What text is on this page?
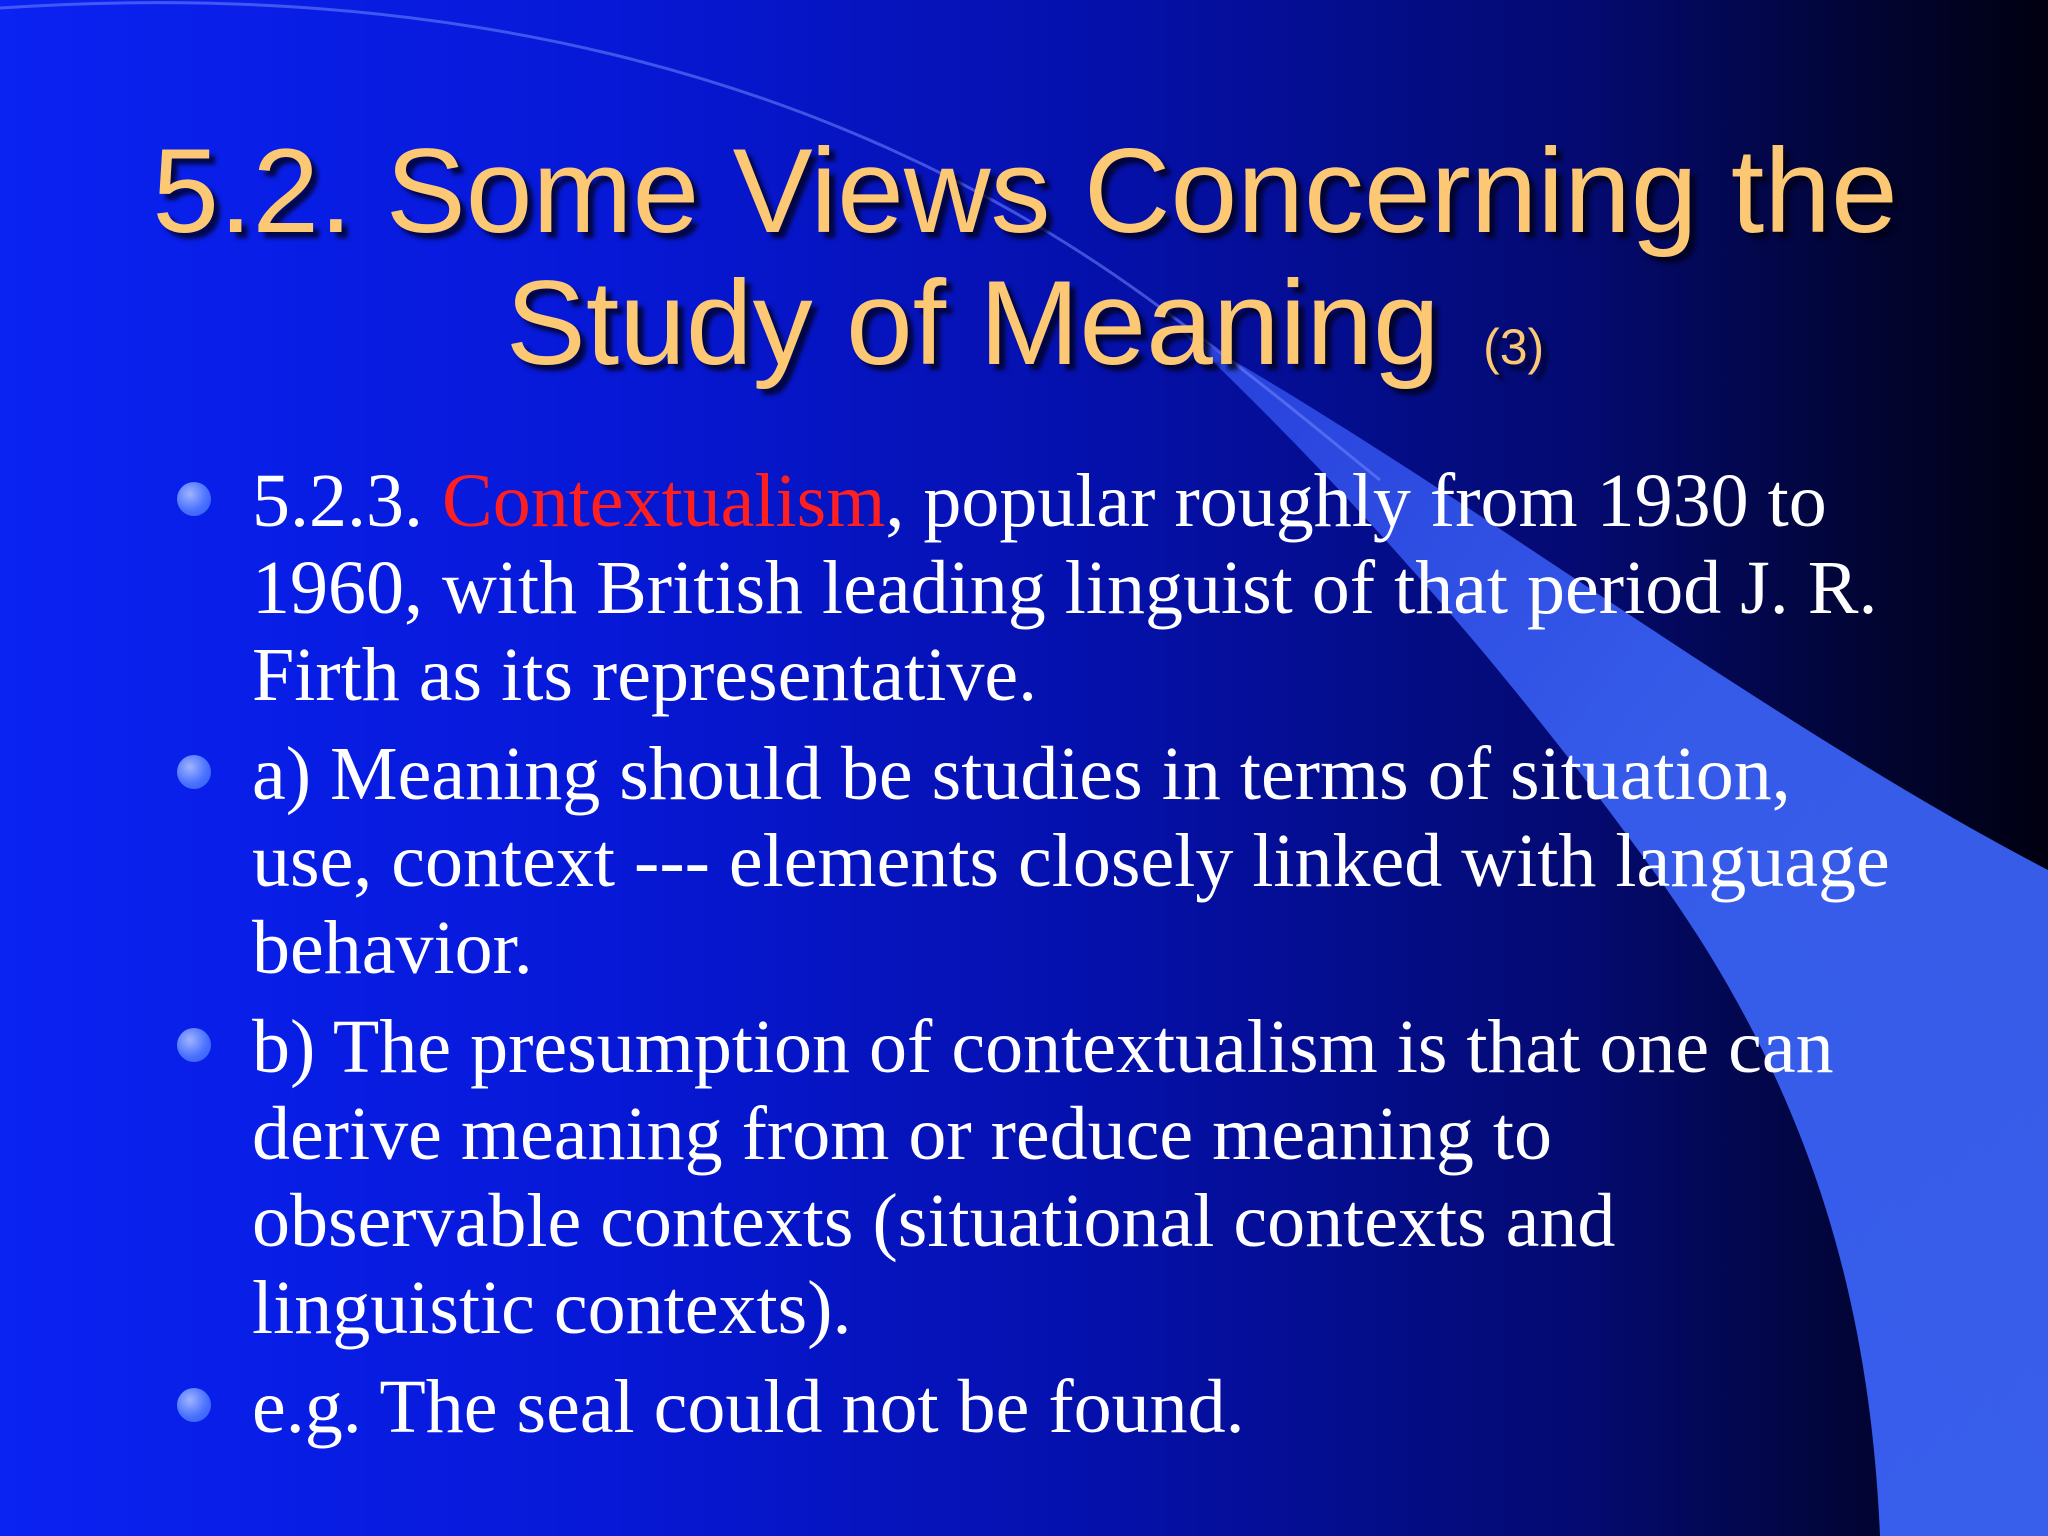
5.2. Some Views Concerning the Study of Meaning (3)
5.2.3. Contextualism, popular roughly from 1930 to 1960, with British leading linguist of that period J. R. Firth as its representative.
a) Meaning should be studies in terms of situation, use, context --- elements closely linked with language behavior.
b) The presumption of contextualism is that one can derive meaning from or reduce meaning to observable contexts (situational contexts and linguistic contexts).
e.g. The seal could not be found.
